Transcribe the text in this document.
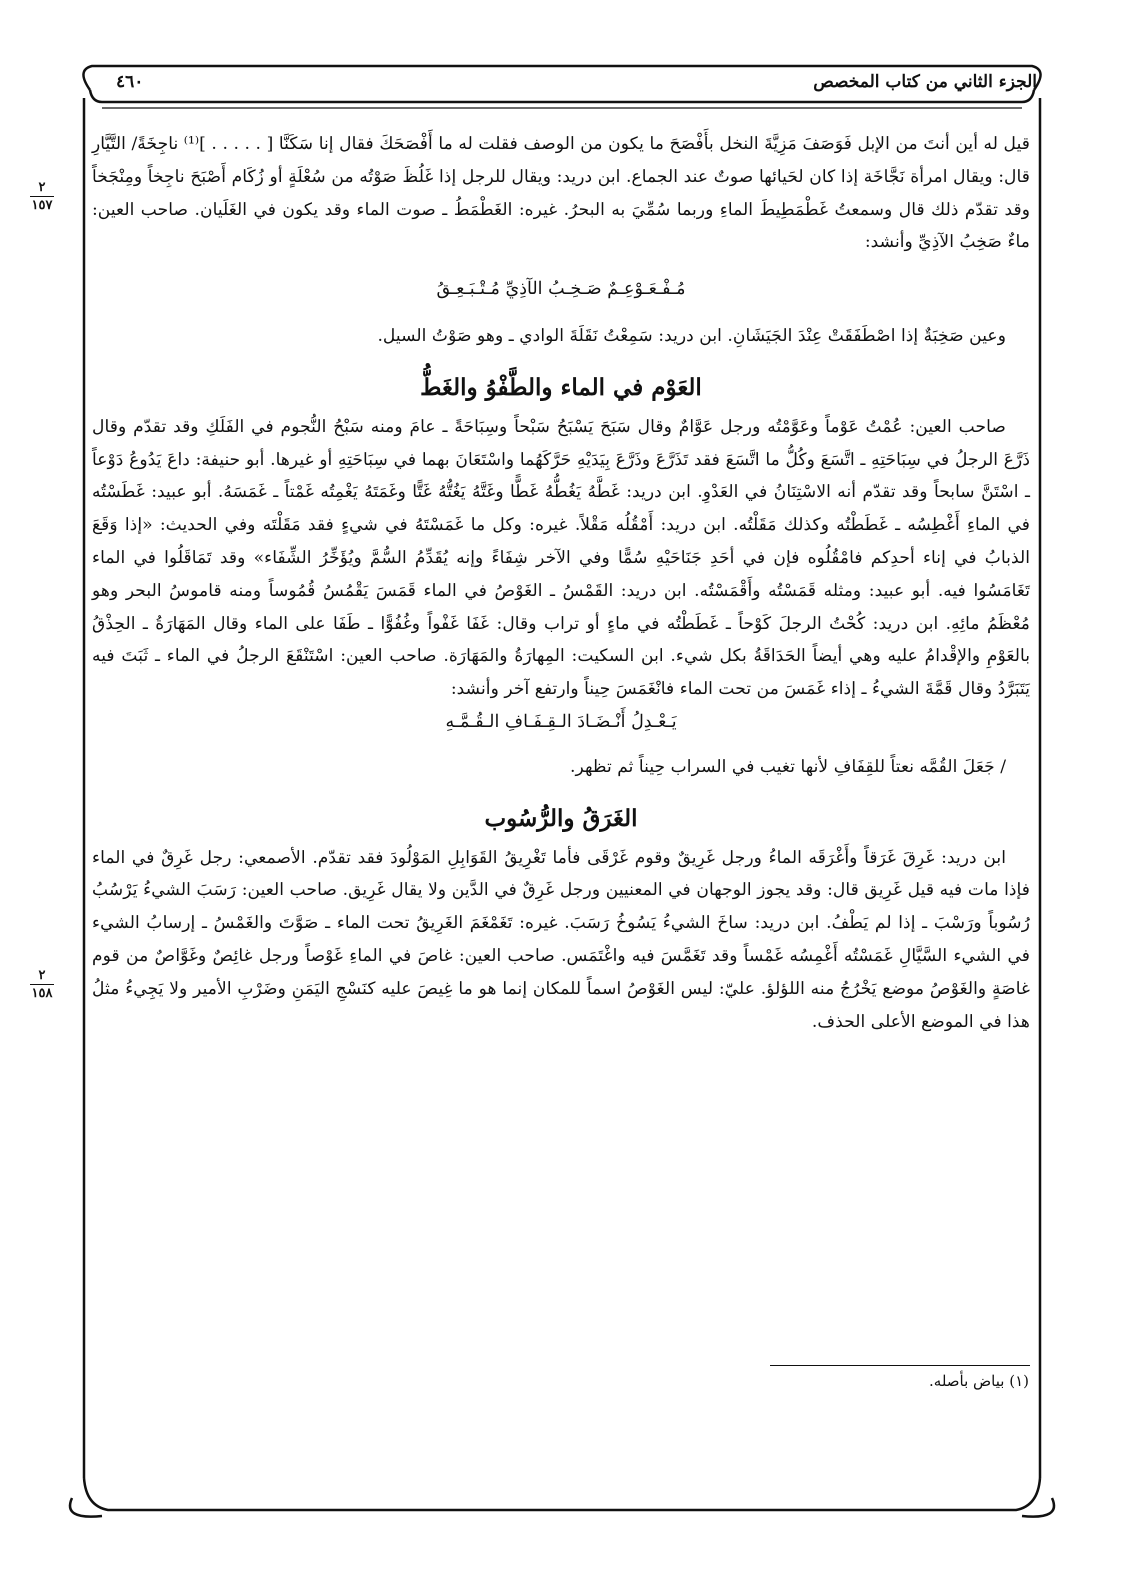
الجزء الثاني من كتاب المخصص
٤٦٠
٢
١٥٧
٢
١٥٨

قيل له أين أنتَ من الإبل فَوَصَفَ مَزِيَّةَ النخل بأَفْصَحَ ما يكون من الوصف فقلت له ما أَفْصَحَكَ فقال إنا سَكَنَّا [ . . . . . ]⁽¹⁾ ناجِخَةً/ التَّيَّارِ قال: ويقال امرأة نَجَّاخَة إذا كان لحَيائها صوتٌ عند الجماع. ابن دريد: ويقال للرجل إذا غَلُظَ صَوْتُه من سُعْلَةٍ أو زُكَام أَصْبَحَ ناجِخاً ومِنْجَخاً وقد تقدّم ذلك قال وسمعتُ غَطْمَطِيطَ الماءِ وربما سُمِّيَ به البحرُ. غيره: الغَطْمَطُ ـ صوت الماء وقد يكون في الغَلَيان. صاحب العين: ماءٌ صَخِبُ الآذِيِّ وأنشد:

مُـفْـعَـوْعِـمٌ صَـخِـبُ الآذِيِّ مُـتْـبَـعِـقُ

وعين صَخِبَةٌ إذا اصْطَفَقَتْ عِنْدَ الجَيَشَانِ. ابن دريد: سَمِعْتُ نَقَلَةَ الوادي ـ وهو صَوْتُ السيل.

العَوْم في الماء والطَّفْوُ والغَطُّ

صاحب العين: عُمْتُ عَوْماً وعَوَّمْتُه ورجل عَوَّامٌ وقال سَبَحَ يَسْبَحُ سَبْحاً وسِبَاحَةً ـ عامَ ومنه سَبْحُ النُّجوم في الفَلَكِ وقد تقدّم وقال ذَرَّعَ الرجلُ في سِبَاحَتِهِ ـ اتَّسَعَ وكُلُّ ما اتَّسَعَ فقد تَذَرَّعَ وذَرَّعَ بِيَدَيْهِ حَرَّكَهُما واسْتَعَانَ بهما في سِبَاحَتِهِ أو غيرها. أبو حنيفة: داعَ يَدُوعُ دَوْعاً ـ اسْتَنَّ سابحاً وقد تقدّم أنه الاسْتِنَانُ في العَدْوِ. ابن دريد: غَطَّهُ يَغُطُّهُ غَطًّا وغَتَّهُ يَغُتُّهُ غَتًّا وغَمَتَهُ يَغْمِتُه غَمْتاً ـ غَمَسَهُ. أبو عبيد: غَطَسْتُه في الماءِ أَغْطِسُه ـ غَطَطْتُه وكذلك مَقَلْتُه. ابن دريد: أَمْقُلُه مَقْلاً. غيره: وكل ما غَمَسْتَهُ في شيءٍ فقد مَقَلْتَه وفي الحديث: «إذا وَقَعَ الذبابُ في إناء أحدِكم فامْقُلُوه فإن في أحَدِ جَنَاحَيْهِ سُمًّا وفي الآخر شِفَاءً وإنه يُقَدِّمُ السُّمَّ ويُؤَخِّرُ الشِّفَاء» وقد تَمَاقَلُوا في الماء تَغَامَسُوا فيه. أبو عبيد: ومثله قَمَسْتُه وأَقْمَسْتُه. ابن دريد: القَمْسُ ـ الغَوْصُ في الماء قَمَسَ يَقْمُسُ قُمُوساً ومنه قاموسُ البحر وهو مُعْظَمُ مائِهِ. ابن دريد: كُحْتُ الرجلَ كَوْحاً ـ غَطَطْتُه في ماءٍ أو تراب وقال: غَفَا غَفْواً وغُفُوًّا ـ طَفَا على الماء وقال المَهَارَةُ ـ الحِذْقُ بالعَوْمِ والإقْدامُ عليه وهي أيضاً الحَدَاقَةُ بكل شيء. ابن السكيت: المِهارَةُ والمَهَارَة. صاحب العين: اسْتَنْقَعَ الرجلُ في الماء ـ ثَبَتَ فيه يَتَبَرَّدُ وقال قَمَّةَ الشيءُ ـ إذاء غَمَسَ من تحت الماء فانْغَمَسَ حِيناً وارتفع آخر وأنشد:

يَـعْـدِلُ أَنْـضَـادَ الـقِـفَـافِ الـقُـمَّـهِ

/ جَعَلَ القُمَّه نعتاً للقِفَافِ لأنها تغيب في السراب حِيناً ثم تظهر.

الغَرَقُ والرُّسُوب

ابن دريد: غَرِقَ غَرَقاً وأَغْرَقَه الماءُ ورجل غَرِيقٌ وقوم غَرْقَى فأما تَغْرِيقُ القَوَابِلِ المَوْلُودَ فقد تقدّم. الأصمعي: رجل غَرِقٌ في الماء فإذا مات فيه قيل غَرِيق قال: وقد يجوز الوجهان في المعنيين ورجل غَرِقٌ في الدَّين ولا يقال غَرِيق. صاحب العين: رَسَبَ الشيءُ يَرْسُبُ رُسُوباً ورَسْبَ ـ إذا لم يَطْفُ. ابن دريد: ساخَ الشيءُ يَسُوخُ رَسَبَ. غيره: تَغَمْغَمَ الغَرِيقُ تحت الماء ـ صَوَّتَ والغَمْسُ ـ إرسابُ الشيء في الشيء السَّيَّالِ غَمَسْتُه أَغْمِسُه غَمْساً وقد تَغَمَّسَ فيه واغْتَمَس. صاحب العين: غاصَ في الماءِ غَوْصاً ورجل غائِصٌ وغَوَّاصٌ من قوم غاصَةٍ والغَوْصُ موضع يَخْرُجُ منه اللؤلؤ. عليّ: ليس الغَوْصُ اسماً للمكان إنما هو ما غِيصَ عليه كنَسْجِ اليَمَنِ وضَرْبِ الأمير ولا يَجِيءُ مثلُ هذا في الموضع الأعلى الحذف.

(١) بياض بأصله.
